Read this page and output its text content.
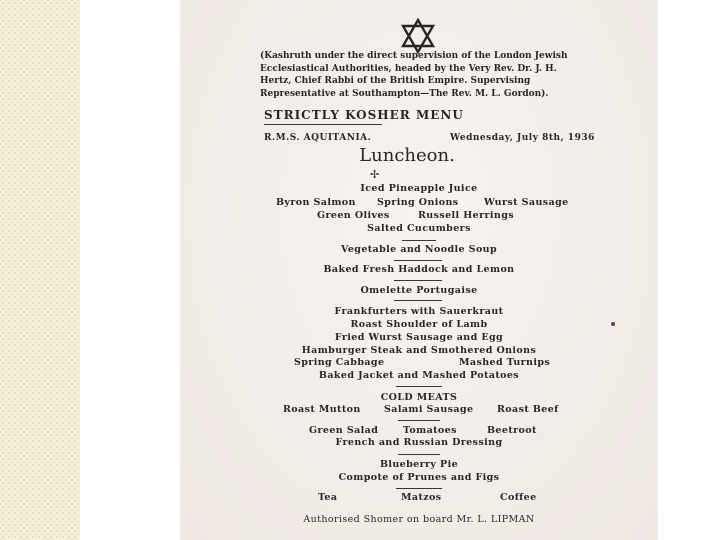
(Kashruth under the direct supervision of the London Jewish Ecclesiastical Authorities, headed by the Very Rev. Dr. J. H. Hertz, Chief Rabbi of the British Empire. Supervising Representative at Southampton—The Rev. M. L. Gordon).
STRICTLY KOSHER MENU
R.M.S. AQUITANIA.	Wednesday, July 8th, 1936
Luncheon.
✢
Iced Pineapple Juice
Byron Salmon Spring Onions	Wurst Sausage
Green Olives	Russell Herrings
Salted Cucumbers
Vegetable and Noodle Soup
Baked Fresh Haddock and Lemon
Omelette Portugaise
Frankfurters with Sauerkraut
Roast Shoulder of Lamb
Fried Wurst Sausage and Egg
Hamburger Steak and Smothered Onions
Spring Cabbage	Mashed Turnips
Baked Jacket and Mashed Potatoes
COLD MEATS
Roast Mutton Salami Sausage Roast Beef
Green Salad	Tomatoes	Beetroot
French and Russian Dressing
Blueberry Pie
Compote of Prunes and Figs
Tea	Matzos	Coffee
Authorised Shomer on board Mr. L. LIPMAN
